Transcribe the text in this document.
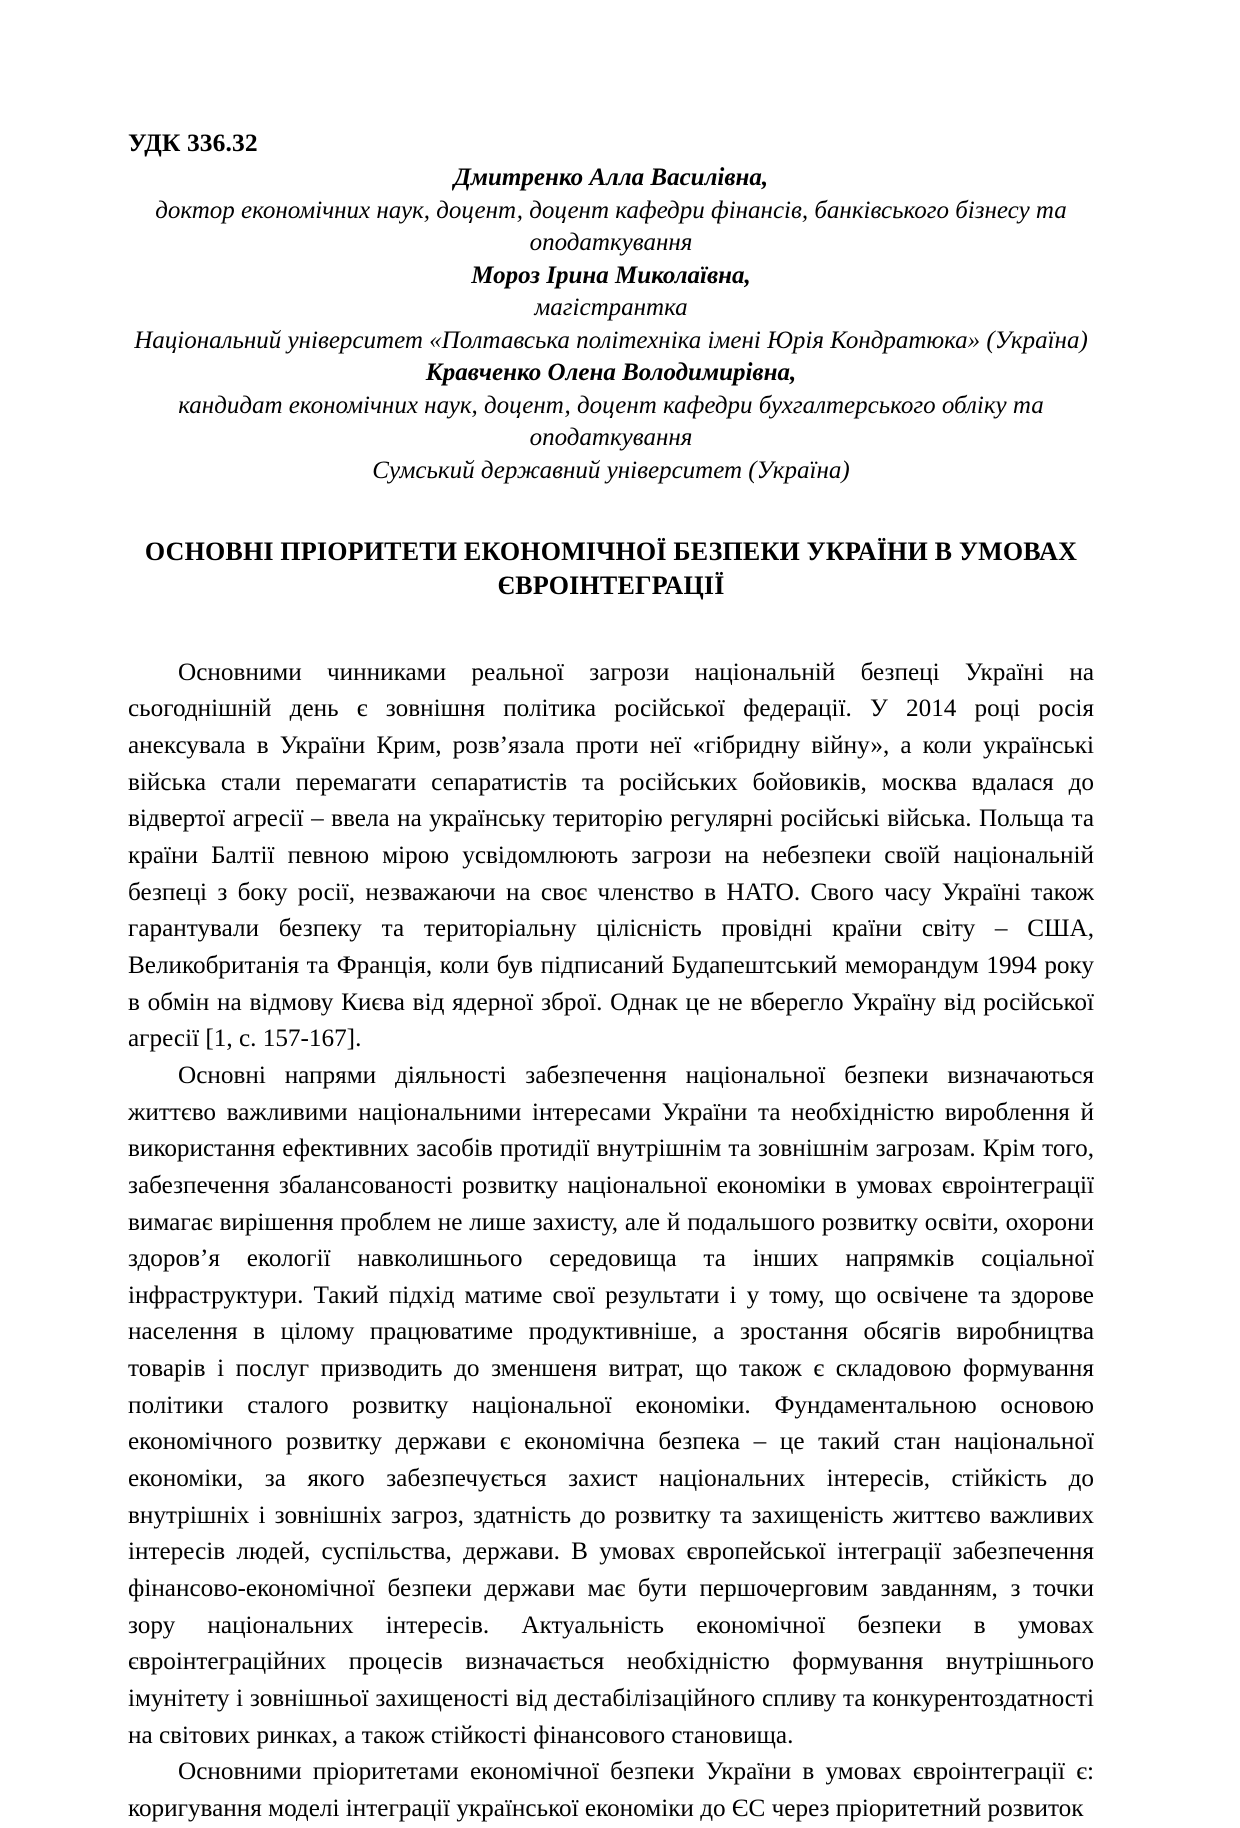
УДК 336.32
Дмитренко Алла Василівна,
доктор економічних наук, доцент, доцент кафедри фінансів, банківського бізнесу та оподаткування
Мороз Ірина Миколаївна,
магістрантка
Національний університет «Полтавська політехніка імені Юрія Кондратюка» (Україна)
Кравченко Олена Володимирівна,
кандидат економічних наук, доцент, доцент кафедри бухгалтерського обліку та оподаткування
Сумський державний університет (Україна)
ОСНОВНІ ПРІОРИТЕТИ ЕКОНОМІЧНОЇ БЕЗПЕКИ УКРАЇНИ В УМОВАХ ЄВРОІНТЕГРАЦІЇ

Основними чинниками реальної загрози національній безпеці Україні на сьогоднішній день є зовнішня політика російської федерації. У 2014 році росія анексувала в України Крим, розв’язала проти неї «гібридну війну», а коли українські війська стали перемагати сепаратистів та російських бойовиків, москва вдалася до відвертої агресії – ввела на українську територію регулярні російські війська. Польща та країни Балтії певною мірою усвідомлюють загрози на небезпеки своїй національній безпеці з боку росії, незважаючи на своє членство в НАТО. Свого часу Україні також гарантували безпеку та територіальну цілісність провідні країни світу – США, Великобританія та Франція, коли був підписаний Будапештський меморандум 1994 року в обмін на відмову Києва від ядерної зброї. Однак це не вберегло Україну від російської агресії [1, с. 157-167].

Основні напрями діяльності забезпечення національної безпеки визначаються життєво важливими національними інтересами України та необхідністю вироблення й використання ефективних засобів протидії внутрішнім та зовнішнім загрозам. Крім того, забезпечення збалансованості розвитку національної економіки в умовах євроінтеграції вимагає вирішення проблем не лише захисту, але й подальшого розвитку освіти, охорони здоров’я екології навколишнього середовища та інших напрямків соціальної інфраструктури. Такий підхід матиме свої результати і у тому, що освічене та здорове населення в цілому працюватиме продуктивніше, а зростання обсягів виробництва товарів і послуг призводить до зменшеня витрат, що також є складовою формування політики сталого розвитку національної економіки. Фундаментальною основою економічного розвитку держави є економічна безпека – це такий стан національної економіки, за якого забезпечується захист національних інтересів, стійкість до внутрішніх і зовнішніх загроз, здатність до розвитку та захищеність життєво важливих інтересів людей, суспільства, держави. В умовах європейської інтеграції забезпечення фінансово-економічної безпеки держави має бути першочерговим завданням, з точки зору національних інтересів. Актуальність економічної безпеки в умовах євроінтеграційних процесів визначається необхідністю формування внутрішнього імунітету і зовнішньої захищеності від дестабілізаційного спливу та конкурентоздатності на світових ринках, а також стійкості фінансового становища.

Основними пріоритетами економічної безпеки України в умовах євроінтеграції є: коригування моделі інтеграції української економіки до ЄС через пріоритетний розвиток
